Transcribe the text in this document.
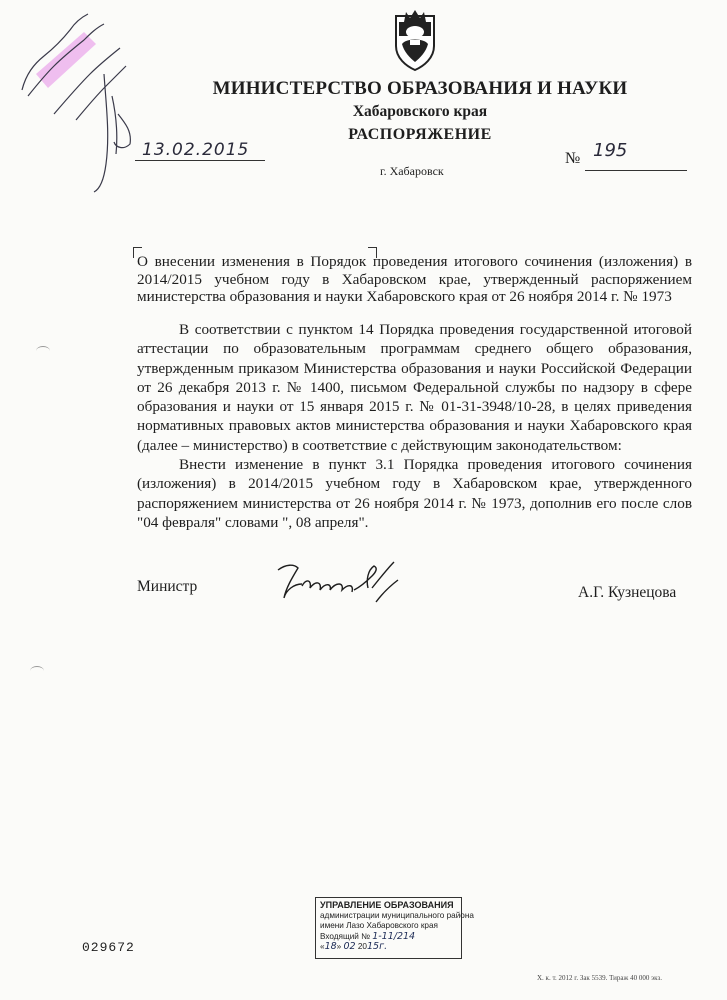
МИНИСТЕРСТВО ОБРАЗОВАНИЯ И НАУКИ
Хабаровского края
РАСПОРЯЖЕНИЕ
13.02.2015
г. Хабаровск
№ 195
О внесении изменения в Порядок проведения итогового сочинения (изложения) в 2014/2015 учебном году в Хабаровском крае, утвержденный распоряжением министерства образования и науки Хабаровского края от 26 ноября 2014 г. № 1973

В соответствии с пунктом 14 Порядка проведения государственной итоговой аттестации по образовательным программам среднего общего образования, утвержденным приказом Министерства образования и науки Российской Федерации от 26 декабря 2013 г. № 1400, письмом Федеральной службы по надзору в сфере образования и науки от 15 января 2015 г. № 01-31-3948/10-28, в целях приведения нормативных правовых актов министерства образования и науки Хабаровского края (далее – министерство) в соответствие с действующим законодательством:

Внести изменение в пункт 3.1 Порядка проведения итогового сочинения (изложения) в 2014/2015 учебном году в Хабаровском крае, утвержденного распоряжением министерства от 26 ноября 2014 г. № 1973, дополнив его после слов "04 февраля" словами ", 08 апреля".

Министр	А.Г. Кузнецова
УПРАВЛЕНИЕ ОБРАЗОВАНИЯ
администрации муниципального района
имени Лазо Хабаровского края
Входящий № 1-11/214
«18» 02 2015г.
029672
Х. к. т. 2012 г. Зак 5539. Тираж 40 000 экз.
